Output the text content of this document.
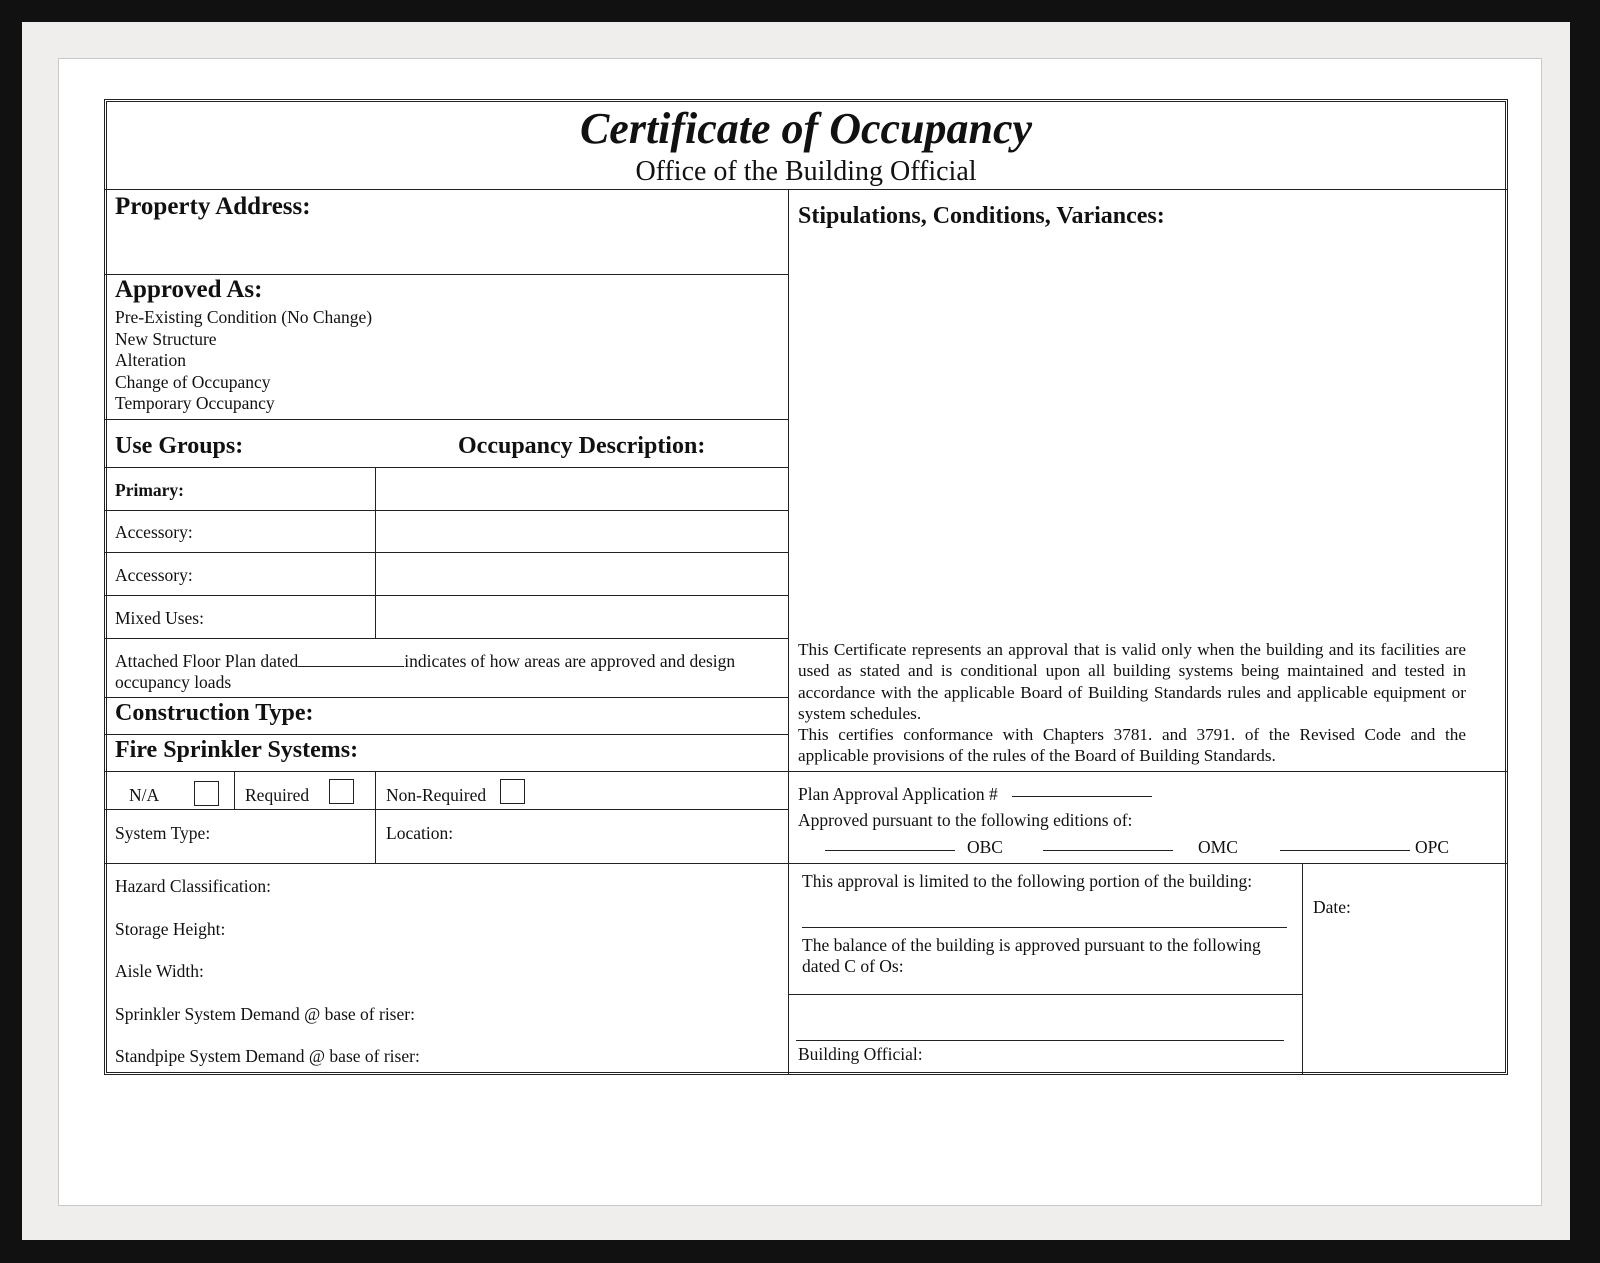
Certificate of Occupancy
Office of the Building Official
Property Address:
Approved As:
Pre-Existing Condition (No Change)
New Structure
Alteration
Change of Occupancy
Temporary Occupancy
Use Groups:	Occupancy Description:
Primary:
Accessory:
Accessory:
Mixed Uses:
Attached Floor Plan dated	indicates of how areas are approved and design
occupancy loads
Construction Type:
Fire Sprinkler Systems:
N/A	Required	Non-Required
System Type:	Location:
Hazard Classification:
Storage Height:
Aisle Width:
Sprinkler System Demand @ base of riser:
Standpipe System Demand @ base of riser:
Stipulations, Conditions, Variances:
This Certificate represents an approval that is valid only when the building and its facilities are used as stated and is conditional upon all building systems being maintained and tested in accordance with the applicable Board of Building Standards rules and applicable equipment or system schedules.
This certifies conformance with Chapters 3781. and 3791. of the Revised Code and the applicable provisions of the rules of the Board of Building Standards.
Plan Approval Application #
Approved pursuant to the following editions of:
OBC	OMC	OPC
This approval is limited to the following portion of the building:
The balance of the building is approved pursuant to the following
dated C of Os:
Date:
Building Official:
